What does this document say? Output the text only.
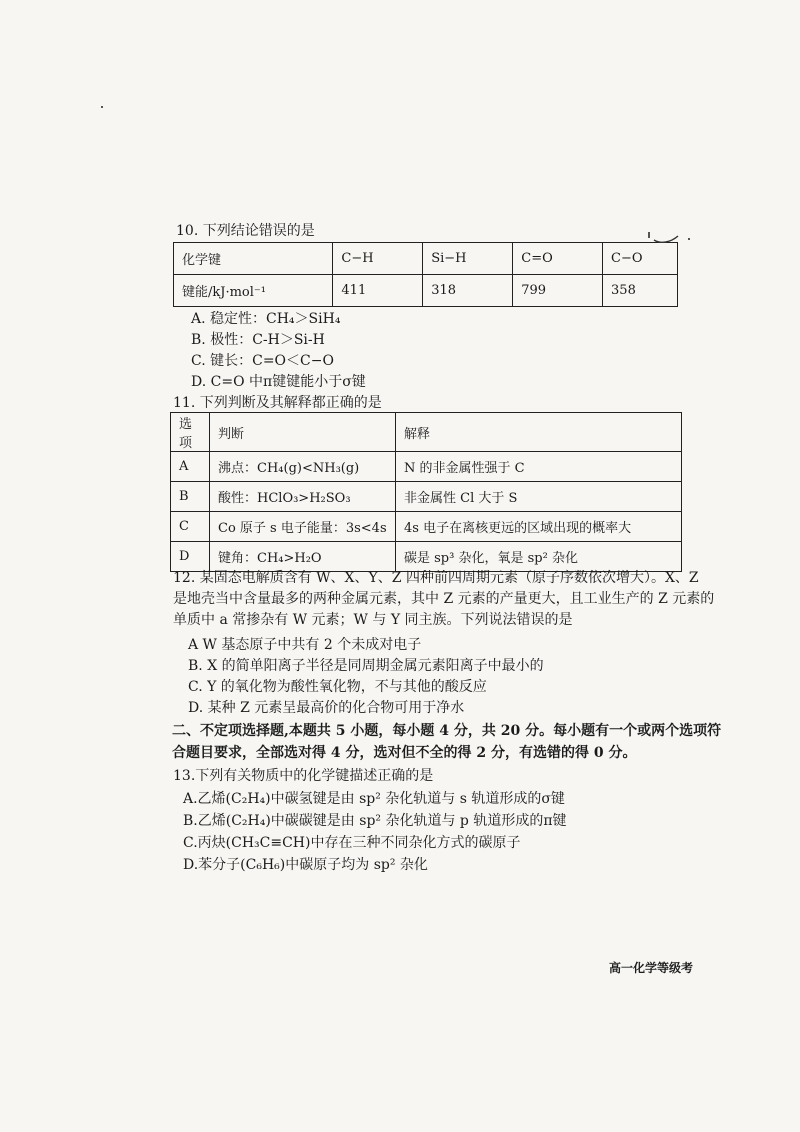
10. 下列结论错误的是
化学键	C−H	Si−H	C=O	C−O
键能/kJ·mol⁻¹	411	318	799	358
A. 稳定性：CH₄＞SiH₄
B. 极性：C-H＞Si-H
C. 键长：C=O＜C−O
D. C=O 中π键键能小于σ键
11. 下列判断及其解释都正确的是
选项	判断	解释
A	沸点：CH₄(g)<NH₃(g)	N 的非金属性强于 C
B	酸性：HClO₃>H₂SO₃	非金属性 Cl 大于 S
C	Co 原子 s 电子能量：3s<4s	4s 电子在离核更远的区域出现的概率大
D	键角：CH₄>H₂O	碳是 sp³ 杂化，氧是 sp² 杂化
12. 某固态电解质含有 W、X、Y、Z 四种前四周期元素（原子序数依次增大）。X、Z
是地壳当中含量最多的两种金属元素，其中 Z 元素的产量更大，且工业生产的 Z 元素的
单质中 a 常掺杂有 W 元素；W 与 Y 同主族。下列说法错误的是
A W 基态原子中共有 2 个未成对电子
B. X 的简单阳离子半径是同周期金属元素阳离子中最小的
C. Y 的氧化物为酸性氧化物，不与其他的酸反应
D. 某种 Z 元素呈最高价的化合物可用于净水
二、不定项选择题,本题共 5 小题，每小题 4 分，共 20 分。每小题有一个或两个选项符
合题目要求，全部选对得 4 分，选对但不全的得 2 分，有选错的得 0 分。
13.下列有关物质中的化学键描述正确的是
A.乙烯(C₂H₄)中碳氢键是由 sp² 杂化轨道与 s 轨道形成的σ键
B.乙烯(C₂H₄)中碳碳键是由 sp² 杂化轨道与 p 轨道形成的π键
C.丙炔(CH₃C≡CH)中存在三种不同杂化方式的碳原子
D.苯分子(C₆H₆)中碳原子均为 sp² 杂化
高一化学等级考
